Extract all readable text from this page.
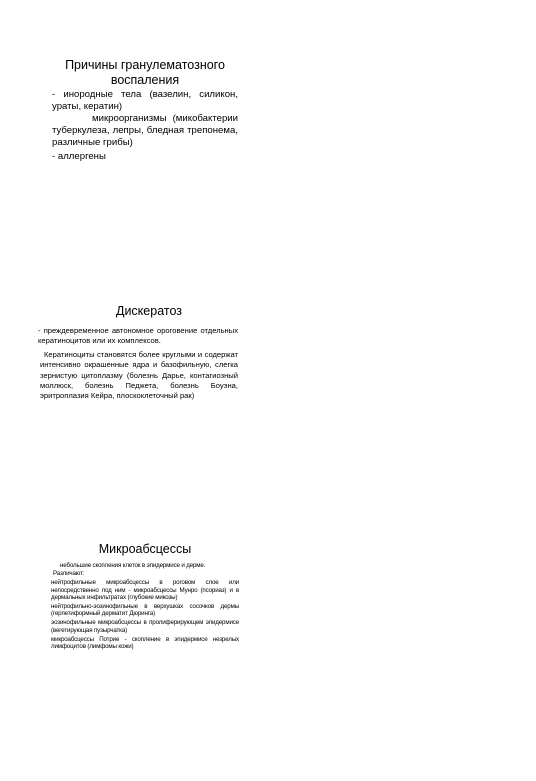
Причины гранулематозного воспаления

- инородные тела (вазелин, силикон, ураты, кератин)

микроорганизмы (микобактерии туберкулеза, лепры, бледная трепонема, различные грибы)

- аллергены

Дискератоз

- преждевременное автономное ороговение отдельных кератиноцитов или их комплексов.

Кератиноциты становятся более круглыми и содержат интенсивно окрашенные ядра и базофильную, слегка зернистую цитоплазму (болезнь Дарье, контагиозный моллюск, болезнь Педжета, болезнь Боуэна, эритроплазия Кейра, плоскоклеточный рак)

Микроабсцессы

небольшие скопления клеток в эпидермисе и дерме.

Различают:

нейтрофильные микроабсцессы в роговом слое или непосредственно под ним - микроабсцессы Мунро (псориаз) и в дермальных инфильтратах (глубокие микозы)

нейтрофильно-эозинофильные в верхушках сосочков дермы (герпетиформный дерматит Дюринга)

эозинофильные микроабсцессы в пролиферирующем эпидермисе (вегетирующая пузырчатка)

микроабсцессы Потрие - скопление в эпидермисе незрелых лимфоцитов (лимфомы кожи)
